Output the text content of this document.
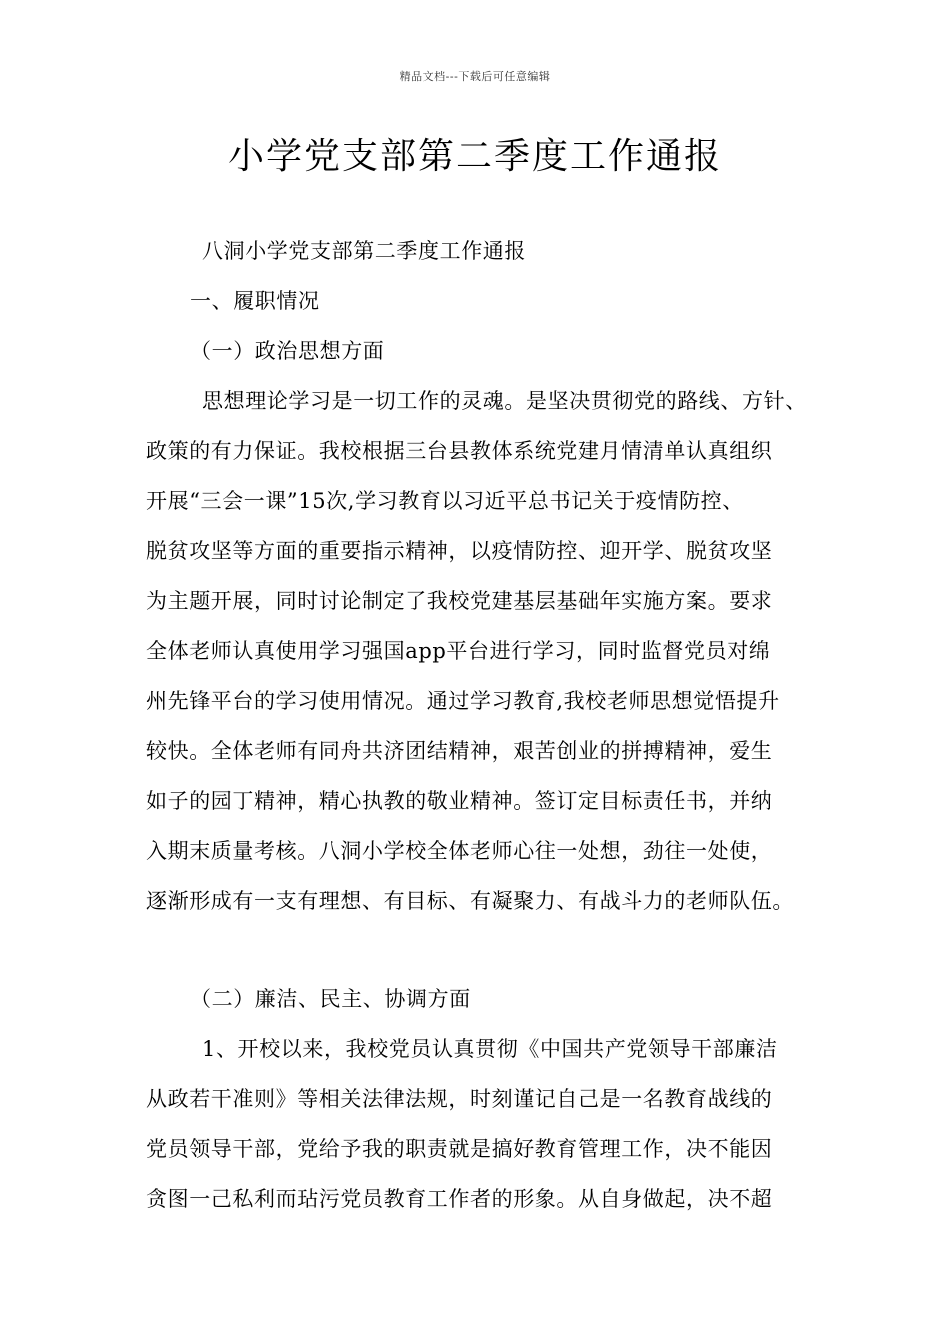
精品文档---下载后可任意编辑
小学党支部第二季度工作通报
八洞小学党支部第二季度工作通报
一、履职情况
（一）政治思想方面
思想理论学习是一切工作的灵魂。是坚决贯彻党的路线、方针、
政策的有力保证。我校根据三台县教体系统党建月情清单认真组织
开展“三会一课”15次,学习教育以习近平总书记关于疫情防控、
脱贫攻坚等方面的重要指示精神，以疫情防控、迎开学、脱贫攻坚
为主题开展，同时讨论制定了我校党建基层基础年实施方案。要求
全体老师认真使用学习强国app平台进行学习，同时监督党员对绵
州先锋平台的学习使用情况。通过学习教育,我校老师思想觉悟提升
较快。全体老师有同舟共济团结精神，艰苦创业的拼搏精神，爱生
如子的园丁精神，精心执教的敬业精神。签订定目标责任书，并纳
入期末质量考核。八洞小学校全体老师心往一处想，劲往一处使，
逐渐形成有一支有理想、有目标、有凝聚力、有战斗力的老师队伍。
（二）廉洁、民主、协调方面
1、开校以来，我校党员认真贯彻《中国共产党领导干部廉洁
从政若干准则》等相关法律法规，时刻谨记自己是一名教育战线的
党员领导干部，党给予我的职责就是搞好教育管理工作，决不能因
贪图一己私利而玷污党员教育工作者的形象。从自身做起，决不超
